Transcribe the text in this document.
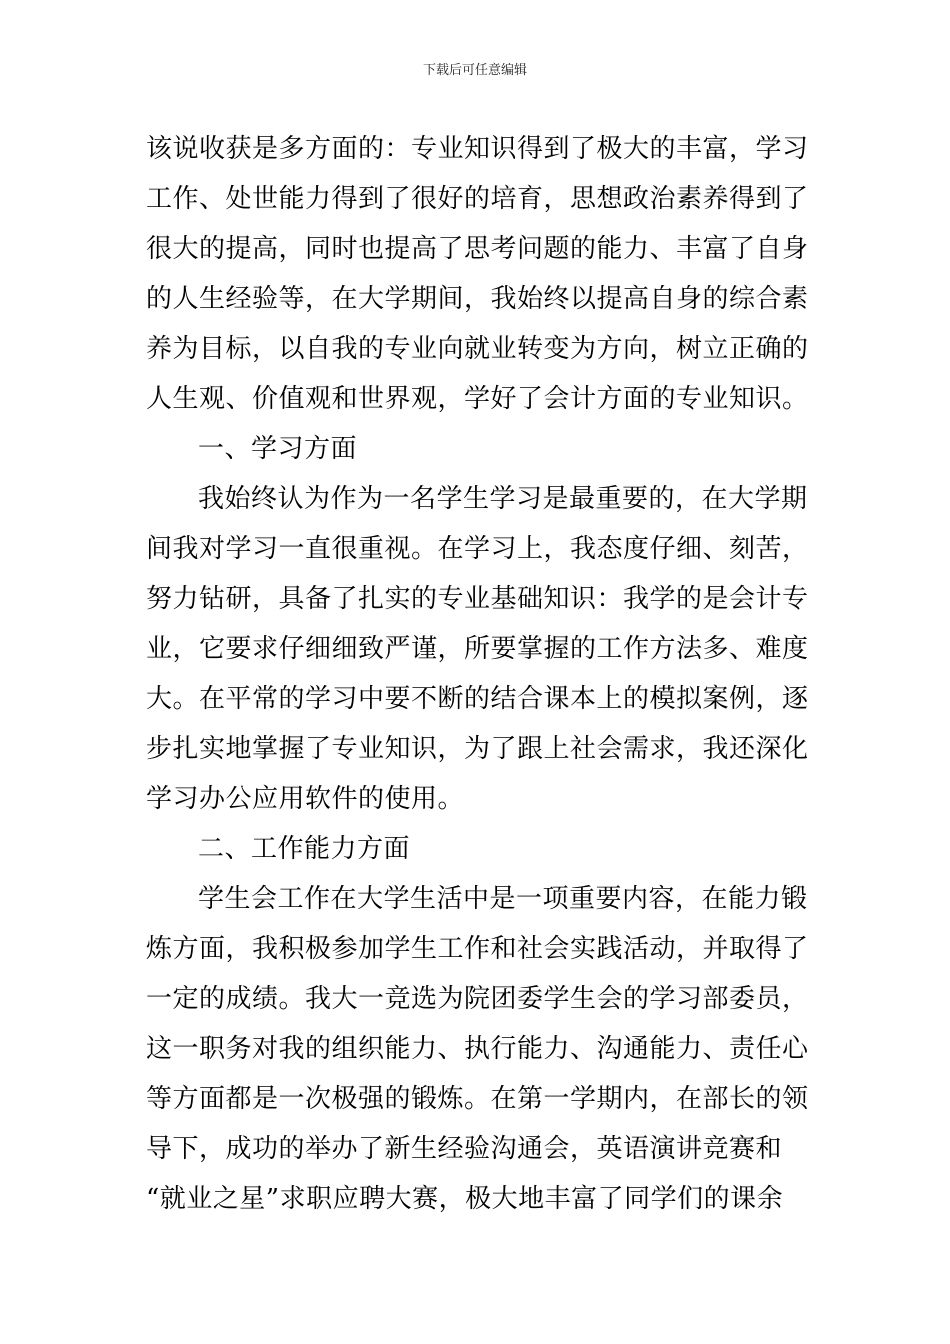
下载后可任意编辑
该说收获是多方面的：专业知识得到了极大的丰富，学习
工作、处世能力得到了很好的培育，思想政治素养得到了
很大的提高，同时也提高了思考问题的能力、丰富了自身
的人生经验等，在大学期间，我始终以提高自身的综合素
养为目标，以自我的专业向就业转变为方向，树立正确的
人生观、价值观和世界观，学好了会计方面的专业知识。
一、学习方面
我始终认为作为一名学生学习是最重要的，在大学期
间我对学习一直很重视。在学习上，我态度仔细、刻苦，
努力钻研，具备了扎实的专业基础知识：我学的是会计专
业，它要求仔细细致严谨，所要掌握的工作方法多、难度
大。在平常的学习中要不断的结合课本上的模拟案例，逐
步扎实地掌握了专业知识，为了跟上社会需求，我还深化
学习办公应用软件的使用。
二、工作能力方面
学生会工作在大学生活中是一项重要内容，在能力锻
炼方面，我积极参加学生工作和社会实践活动，并取得了
一定的成绩。我大一竞选为院团委学生会的学习部委员，
这一职务对我的组织能力、执行能力、沟通能力、责任心
等方面都是一次极强的锻炼。在第一学期内，在部长的领
导下，成功的举办了新生经验沟通会，英语演讲竞赛和
“就业之星”求职应聘大赛，极大地丰富了同学们的课余
